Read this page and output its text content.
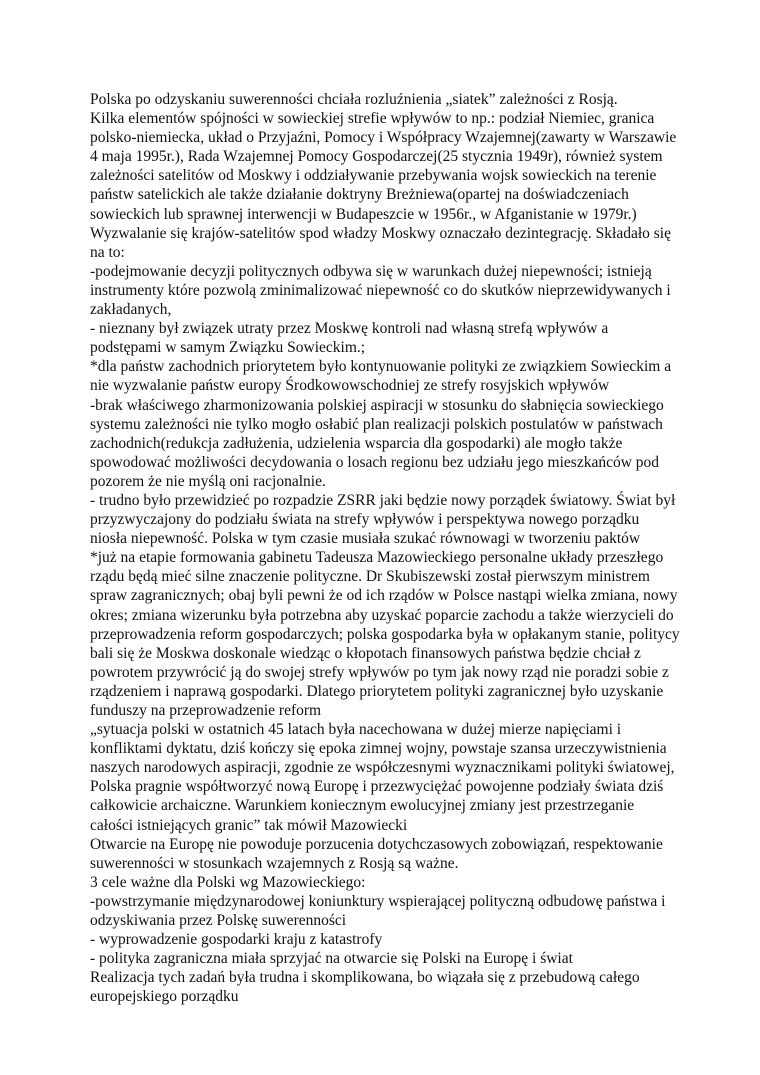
Polska po odzyskaniu suwerenności chciała rozluźnienia „siatek” zależności z Rosją.

Kilka elementów spójności w sowieckiej strefie wpływów to np.: podział Niemiec, granica polsko-niemiecka, układ o Przyjaźni, Pomocy i Współpracy Wzajemnej(zawarty w Warszawie 4 maja 1995r.), Rada Wzajemnej Pomocy Gospodarczej(25 stycznia 1949r), również system zależności satelitów od Moskwy i oddziaływanie przebywania wojsk sowieckich na terenie państw satelickich ale także działanie doktryny Breżniewa(opartej na doświadczeniach sowieckich lub sprawnej interwencji w Budapeszcie w 1956r., w Afganistanie w 1979r.)

Wyzwalanie się krajów-satelitów spod władzy Moskwy oznaczało dezintegrację. Składało się na to:

-podejmowanie decyzji politycznych odbywa się w warunkach dużej niepewności; istnieją instrumenty które pozwolą zminimalizować niepewność co do skutków nieprzewidywanych i zakładanych,

- nieznany był związek utraty przez Moskwę kontroli nad własną strefą wpływów a podstępami w samym Związku Sowieckim.;

*dla państw zachodnich priorytetem było kontynuowanie polityki ze związkiem Sowieckim a nie wyzwalanie państw europy Środkowowschodniej ze strefy rosyjskich wpływów

-brak właściwego zharmonizowania polskiej aspiracji w stosunku do słabnięcia sowieckiego systemu zależności nie tylko mogło osłabić plan realizacji polskich postulatów w państwach zachodnich(redukcja zadłużenia, udzielenia wsparcia dla gospodarki) ale mogło także spowodować możliwości decydowania o losach regionu bez udziału jego mieszkańców pod pozorem że nie myślą oni racjonalnie.

- trudno było przewidzieć po rozpadzie ZSRR jaki będzie nowy porządek światowy. Świat był przyzwyczajony do podziału świata na strefy wpływów i perspektywa nowego porządku niosła niepewność. Polska w tym czasie musiała szukać równowagi w tworzeniu paktów

*już na etapie formowania gabinetu Tadeusza Mazowieckiego personalne układy przeszłego rządu będą mieć silne znaczenie polityczne. Dr Skubiszewski został pierwszym ministrem spraw zagranicznych; obaj byli pewni że od ich rządów w Polsce nastąpi wielka zmiana, nowy okres; zmiana wizerunku była potrzebna aby uzyskać poparcie zachodu a także wierzycieli do przeprowadzenia reform gospodarczych; polska gospodarka była w opłakanym stanie, politycy bali się że Moskwa doskonale wiedząc o kłopotach finansowych państwa będzie chciał z powrotem przywrócić ją do swojej strefy wpływów po tym jak nowy rząd nie poradzi sobie z rządzeniem i naprawą gospodarki. Dlatego priorytetem polityki zagranicznej było uzyskanie funduszy na przeprowadzenie reform

„sytuacja polski w ostatnich 45 latach była nacechowana w dużej mierze napięciami i konfliktami dyktatu, dziś kończy się epoka zimnej wojny, powstaje szansa urzeczywistnienia naszych narodowych aspiracji, zgodnie ze współczesnymi wyznacznikami polityki światowej, Polska pragnie współtworzyć nową Europę i przezwyciężać powojenne podziały świata dziś całkowicie archaiczne. Warunkiem koniecznym ewolucyjnej zmiany jest przestrzeganie całości istniejących granic” tak mówił Mazowiecki

Otwarcie na Europę nie powoduje porzucenia dotychczasowych zobowiązań, respektowanie suwerenności w stosunkach wzajemnych z Rosją są ważne.

3 cele ważne dla Polski wg Mazowieckiego:

-powstrzymanie międzynarodowej koniunktury wspierającej polityczną odbudowę państwa i odzyskiwania przez Polskę suwerenności

- wyprowadzenie gospodarki kraju z katastrofy

- polityka zagraniczna miała sprzyjać na otwarcie się Polski na Europę i świat

Realizacja tych zadań była trudna i skomplikowana, bo wiązała się z przebudową całego europejskiego porządku
